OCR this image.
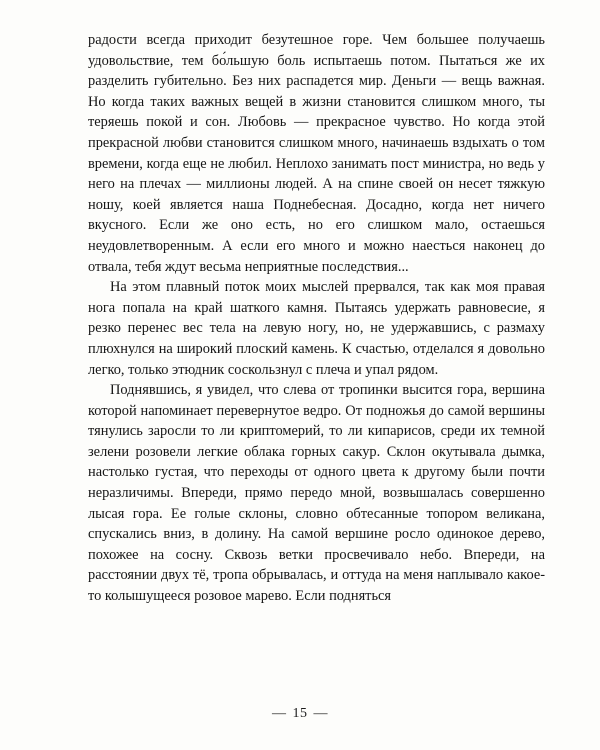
радости всегда приходит безутешное горе. Чем большее получаешь удовольствие, тем бо́льшую боль испытаешь потом. Пытаться же их разделить губительно. Без них распадется мир. Деньги — вещь важная. Но когда таких важных вещей в жизни становится слишком много, ты теряешь покой и сон. Любовь — прекрасное чувство. Но когда этой прекрасной любви становится слишком много, начинаешь вздыхать о том времени, когда еще не любил. Неплохо занимать пост министра, но ведь у него на плечах — миллионы людей. А на спине своей он несет тяжкую ношу, коей является наша Поднебесная. Досадно, когда нет ничего вкусного. Если же оно есть, но его слишком мало, остаешься неудовлетворенным. А если его много и можно наесться наконец до отвала, тебя ждут весьма неприятные последствия...

На этом плавный поток моих мыслей прервался, так как моя правая нога попала на край шаткого камня. Пытаясь удержать равновесие, я резко перенес вес тела на левую ногу, но, не удержавшись, с размаху плюхнулся на широкий плоский камень. К счастью, отделался я довольно легко, только этюдник соскользнул с плеча и упал рядом.

Поднявшись, я увидел, что слева от тропинки высится гора, вершина которой напоминает перевернутое ведро. От подножья до самой вершины тянулись заросли то ли криптомерий, то ли кипарисов, среди их темной зелени розовели легкие облака горных сакур. Склон окутывала дымка, настолько густая, что переходы от одного цвета к другому были почти неразличимы. Впереди, прямо передо мной, возвышалась совершенно лысая гора. Ее голые склоны, словно обтесанные топором великана, спускались вниз, в долину. На самой вершине росло одинокое дерево, похожее на сосну. Сквозь ветки просвечивало небо. Впереди, на расстоянии двух тё, тропа обрывалась, и оттуда на меня наплывало какое-то колышущееся розовое марево. Если подняться

— 15 —
